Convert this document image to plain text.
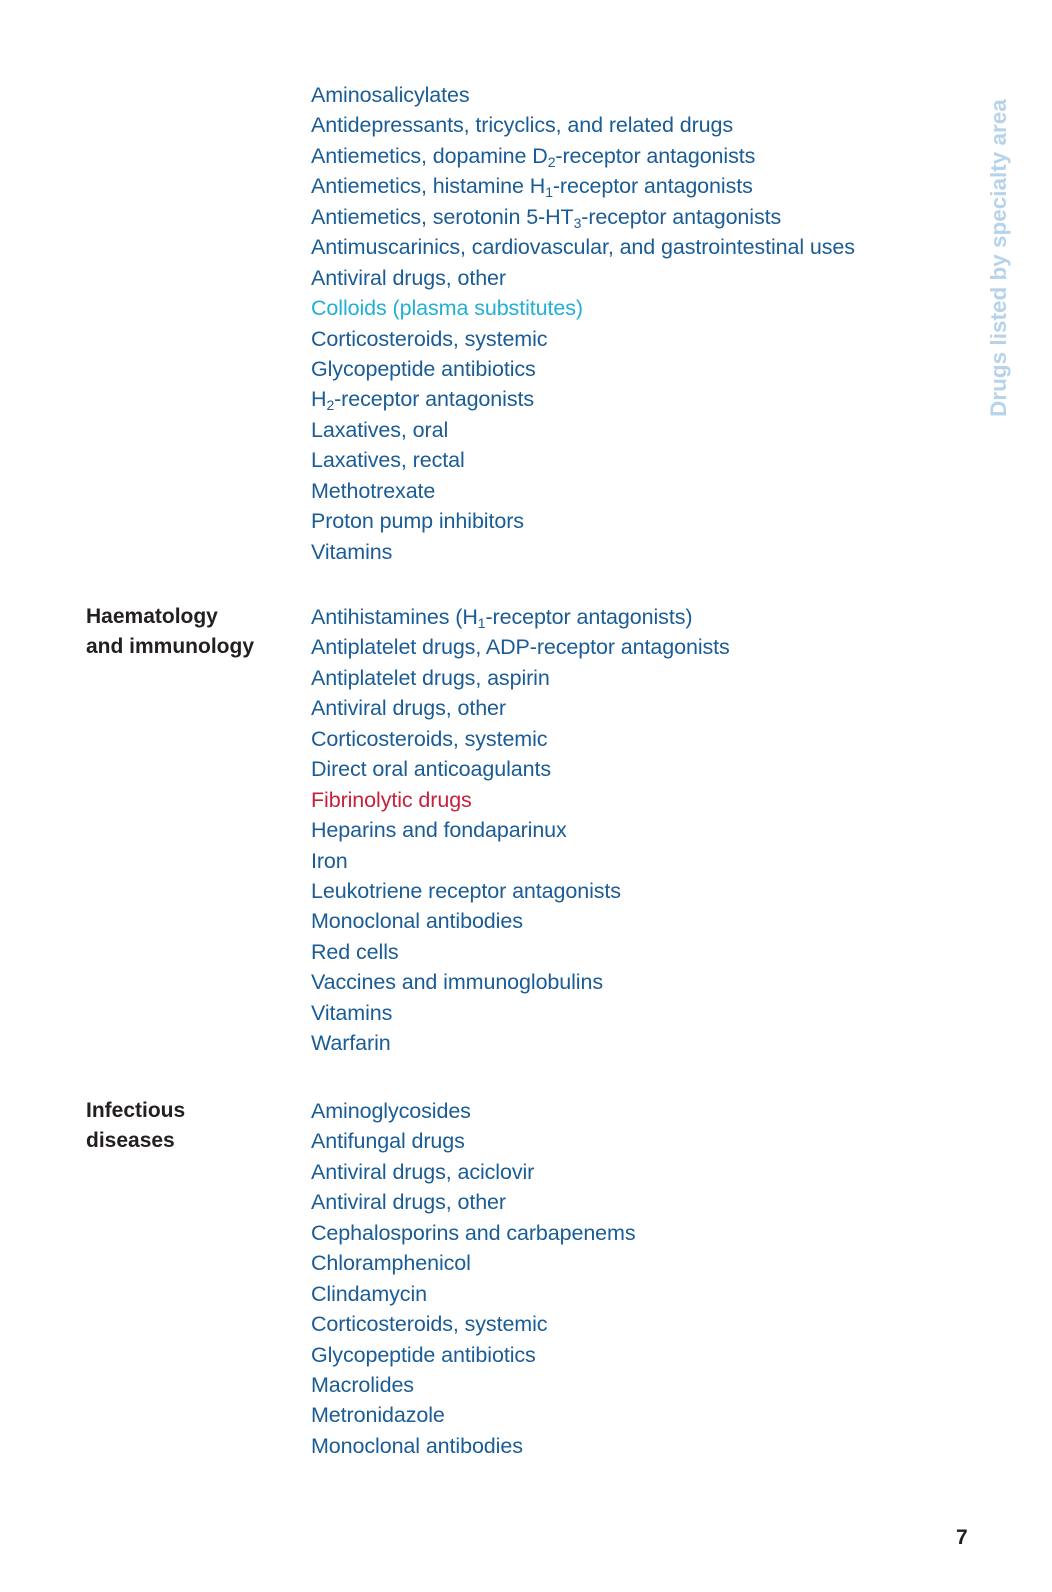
Drugs listed by specialty area
Aminosalicylates
Antidepressants, tricyclics, and related drugs
Antiemetics, dopamine $D_2$-receptor antagonists
Antiemetics, histamine $H_1$-receptor antagonists
Antiemetics, serotonin $5-HT_3$-receptor antagonists
Antimuscarinics, cardiovascular, and gastrointestinal uses
Antiviral drugs, other
Colloids (plasma substitutes)
Corticosteroids, systemic
Glycopeptide antibiotics
$H_2$-receptor antagonists
Laxatives, oral
Laxatives, rectal
Methotrexate
Proton pump inhibitors
Vitamins
Haematology
and immunology
Antihistamines ($H_1$-receptor antagonists)
Antiplatelet drugs, ADP-receptor antagonists
Antiplatelet drugs, aspirin
Antiviral drugs, other
Corticosteroids, systemic
Direct oral anticoagulants
Fibrinolytic drugs
Heparins and fondaparinux
Iron
Leukotriene receptor antagonists
Monoclonal antibodies
Red cells
Vaccines and immunoglobulins
Vitamins
Warfarin
Infectious
diseases
Aminoglycosides
Antifungal drugs
Antiviral drugs, aciclovir
Antiviral drugs, other
Cephalosporins and carbapenems
Chloramphenicol
Clindamycin
Corticosteroids, systemic
Glycopeptide antibiotics
Macrolides
Metronidazole
Monoclonal antibodies
7
